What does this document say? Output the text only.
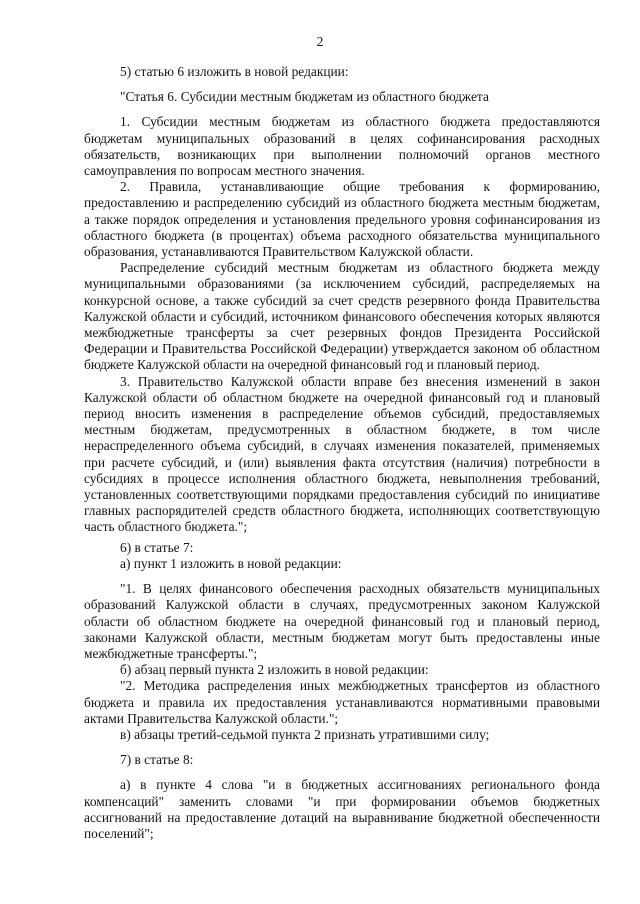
2

5) статью 6 изложить в новой редакции:

"Статья 6. Субсидии местным бюджетам из областного бюджета

1. Субсидии местным бюджетам из областного бюджета предоставляются бюджетам муниципальных образований в целях софинансирования расходных обязательств, возникающих при выполнении полномочий органов местного самоуправления по вопросам местного значения.

2. Правила, устанавливающие общие требования к формированию, предоставлению и распределению субсидий из областного бюджета местным бюджетам, а также порядок определения и установления предельного уровня софинансирования из областного бюджета (в процентах) объема расходного обязательства муниципального образования, устанавливаются Правительством Калужской области.

Распределение субсидий местным бюджетам из областного бюджета между муниципальными образованиями (за исключением субсидий, распределяемых на конкурсной основе, а также субсидий за счет средств резервного фонда Правительства Калужской области и субсидий, источником финансового обеспечения которых являются межбюджетные трансферты за счет резервных фондов Президента Российской Федерации и Правительства Российской Федерации) утверждается законом об областном бюджете Калужской области на очередной финансовый год и плановый период.

3. Правительство Калужской области вправе без внесения изменений в закон Калужской области об областном бюджете на очередной финансовый год и плановый период вносить изменения в распределение объемов субсидий, предоставляемых местным бюджетам, предусмотренных в областном бюджете, в том числе нераспределенного объема субсидий, в случаях изменения показателей, применяемых при расчете субсидий, и (или) выявления факта отсутствия (наличия) потребности в субсидиях в процессе исполнения областного бюджета, невыполнения требований, установленных соответствующими порядками предоставления субсидий по инициативе главных распорядителей средств областного бюджета, исполняющих соответствующую часть областного бюджета.";

6) в статье 7:

а) пункт 1 изложить в новой редакции:

"1. В целях финансового обеспечения расходных обязательств муниципальных образований Калужской области в случаях, предусмотренных законом Калужской области об областном бюджете на очередной финансовый год и плановый период, законами Калужской области, местным бюджетам могут быть предоставлены иные межбюджетные трансферты.";

б) абзац первый пункта 2 изложить в новой редакции:

"2. Методика распределения иных межбюджетных трансфертов из областного бюджета и правила их предоставления устанавливаются нормативными правовыми актами Правительства Калужской области.";

в) абзацы третий-седьмой пункта 2 признать утратившими силу;

7) в статье 8:

а) в пункте 4 слова "и в бюджетных ассигнованиях регионального фонда компенсаций" заменить словами "и при формировании объемов бюджетных ассигнований на предоставление дотаций на выравнивание бюджетной обеспеченности поселений";
